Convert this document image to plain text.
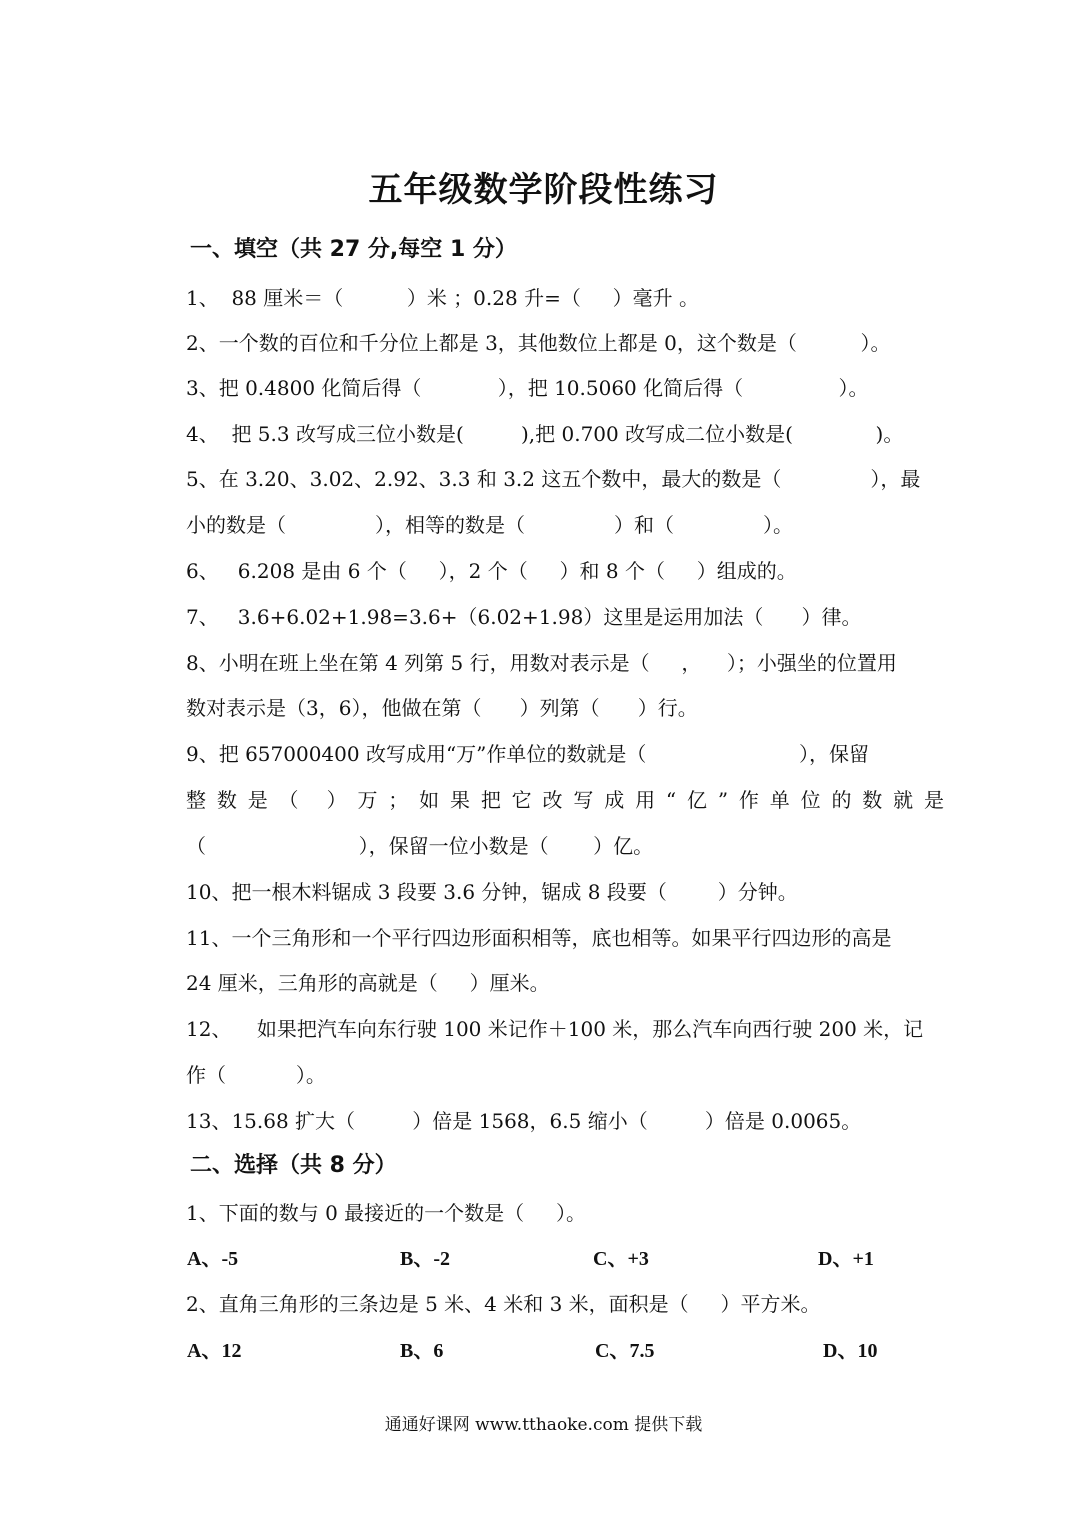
五年级数学阶段性练习
一、填空（共 27 分,每空 1 分）
1、  88 厘米＝（          ）米 ；0.28 升=（     ）毫升 。
2、一个数的百位和千分位上都是 3，其他数位上都是 0，这个数是（          ）。
3、把 0.4800 化简后得（            ），把 10.5060 化简后得（               ）。
4、  把 5.3 改写成三位小数是(         ),把 0.700 改写成二位小数是(             )。
5、在 3.20、3.02、2.92、3.3 和 3.2 这五个数中，最大的数是（              ），最
小的数是（              ），相等的数是（              ）和（              ）。
6、   6.208 是由 6 个（     ），2 个（     ）和 8 个（     ）组成的。
7、   3.6+6.02+1.98=3.6+（6.02+1.98）这里是运用加法（      ）律。
8、小明在班上坐在第 4 列第 5 行，用数对表示是（     ，    ）；小强坐的位置用
数对表示是（3，6），他做在第（      ）列第（      ）行。
9、把 657000400 改写成用“万”作单位的数就是（                        ），保留
整数是（ ）万；如果把它改写成用“亿”作单位的数就是
（                        ），保留一位小数是（       ）亿。
10、把一根木料锯成 3 段要 3.6 分钟，锯成 8 段要（        ）分钟。
11、一个三角形和一个平行四边形面积相等，底也相等。如果平行四边形的高是
24 厘米，三角形的高就是（     ）厘米。
12、    如果把汽车向东行驶 100 米记作＋100 米，那么汽车向西行驶 200 米，记
作（           ）。
13、15.68 扩大（         ）倍是 1568，6.5 缩小（         ）倍是 0.0065。
二、选择（共 8 分）
1、下面的数与 0 最接近的一个数是（     ）。
A、-5	B、-2	C、+3	D、+1
2、直角三角形的三条边是 5 米、4 米和 3 米，面积是（     ）平方米。
A、12	B、6	C、7.5	D、10
通通好课网 www.tthaoke.com 提供下载
